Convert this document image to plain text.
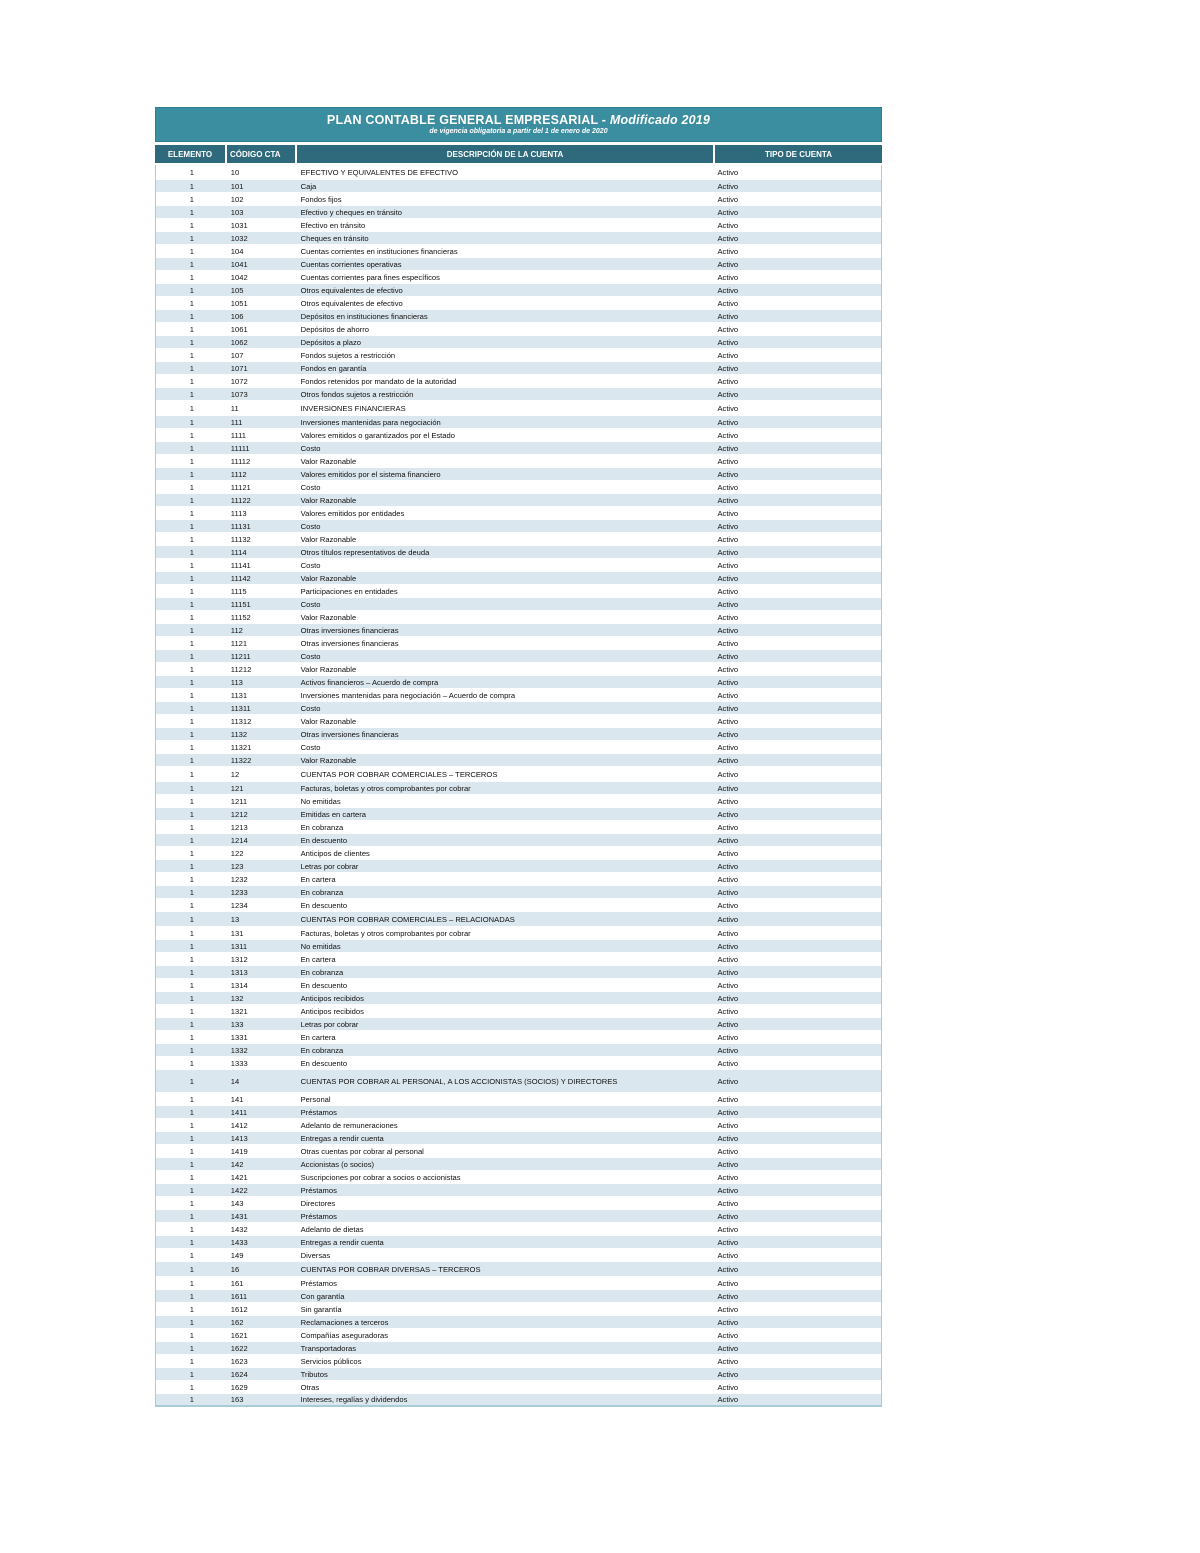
PLAN CONTABLE GENERAL EMPRESARIAL - Modificado 2019
de vigencia obligatoria a partir del 1 de enero de 2020
ELEMENTO	CÓDIGO CTA	DESCRIPCIÓN DE LA CUENTA	TIPO DE CUENTA
1	10	EFECTIVO Y EQUIVALENTES DE EFECTIVO	Activo
1	101	Caja	Activo
1	102	Fondos fijos	Activo
1	103	Efectivo y cheques en tránsito	Activo
1	1031	Efectivo en tránsito	Activo
1	1032	Cheques en tránsito	Activo
1	104	Cuentas corrientes en instituciones financieras	Activo
1	1041	Cuentas corrientes operativas	Activo
1	1042	Cuentas corrientes para fines específicos	Activo
1	105	Otros equivalentes de efectivo	Activo
1	1051	Otros equivalentes de efectivo	Activo
1	106	Depósitos en instituciones financieras	Activo
1	1061	Depósitos de ahorro	Activo
1	1062	Depósitos a plazo	Activo
1	107	Fondos sujetos a restricción	Activo
1	1071	Fondos en garantía	Activo
1	1072	Fondos retenidos por mandato de la autoridad	Activo
1	1073	Otros fondos sujetos a restricción	Activo
1	11	INVERSIONES FINANCIERAS	Activo
1	111	Inversiones mantenidas para negociación	Activo
1	1111	Valores emitidos o garantizados por el Estado	Activo
1	11111	Costo	Activo
1	11112	Valor Razonable	Activo
1	1112	Valores emitidos por el sistema financiero	Activo
1	11121	Costo	Activo
1	11122	Valor Razonable	Activo
1	1113	Valores emitidos por entidades	Activo
1	11131	Costo	Activo
1	11132	Valor Razonable	Activo
1	1114	Otros títulos representativos de deuda	Activo
1	11141	Costo	Activo
1	11142	Valor Razonable	Activo
1	1115	Participaciones en entidades	Activo
1	11151	Costo	Activo
1	11152	Valor Razonable	Activo
1	112	Otras inversiones financieras	Activo
1	1121	Otras inversiones financieras	Activo
1	11211	Costo	Activo
1	11212	Valor Razonable	Activo
1	113	Activos financieros – Acuerdo de compra	Activo
1	1131	Inversiones mantenidas para negociación – Acuerdo de compra	Activo
1	11311	Costo	Activo
1	11312	Valor Razonable	Activo
1	1132	Otras inversiones financieras	Activo
1	11321	Costo	Activo
1	11322	Valor Razonable	Activo
1	12	CUENTAS POR COBRAR COMERCIALES – TERCEROS	Activo
1	121	Facturas, boletas y otros comprobantes por cobrar	Activo
1	1211	No emitidas	Activo
1	1212	Emitidas en cartera	Activo
1	1213	En cobranza	Activo
1	1214	En descuento	Activo
1	122	Anticipos de clientes	Activo
1	123	Letras por cobrar	Activo
1	1232	En cartera	Activo
1	1233	En cobranza	Activo
1	1234	En descuento	Activo
1	13	CUENTAS POR COBRAR COMERCIALES – RELACIONADAS	Activo
1	131	Facturas, boletas y otros comprobantes por cobrar	Activo
1	1311	No emitidas	Activo
1	1312	En cartera	Activo
1	1313	En cobranza	Activo
1	1314	En descuento	Activo
1	132	Anticipos recibidos	Activo
1	1321	Anticipos recibidos	Activo
1	133	Letras por cobrar	Activo
1	1331	En cartera	Activo
1	1332	En cobranza	Activo
1	1333	En descuento	Activo
1	14	CUENTAS POR COBRAR AL PERSONAL, A LOS ACCIONISTAS (SOCIOS) Y DIRECTORES	Activo
1	141	Personal	Activo
1	1411	Préstamos	Activo
1	1412	Adelanto de remuneraciones	Activo
1	1413	Entregas a rendir cuenta	Activo
1	1419	Otras cuentas por cobrar al personal	Activo
1	142	Accionistas (o socios)	Activo
1	1421	Suscripciones por cobrar a socios o accionistas	Activo
1	1422	Préstamos	Activo
1	143	Directores	Activo
1	1431	Préstamos	Activo
1	1432	Adelanto de dietas	Activo
1	1433	Entregas a rendir cuenta	Activo
1	149	Diversas	Activo
1	16	CUENTAS POR COBRAR DIVERSAS – TERCEROS	Activo
1	161	Préstamos	Activo
1	1611	Con garantía	Activo
1	1612	Sin garantía	Activo
1	162	Reclamaciones a terceros	Activo
1	1621	Compañías aseguradoras	Activo
1	1622	Transportadoras	Activo
1	1623	Servicios públicos	Activo
1	1624	Tributos	Activo
1	1629	Otras	Activo
1	163	Intereses, regalías y dividendos	Activo
